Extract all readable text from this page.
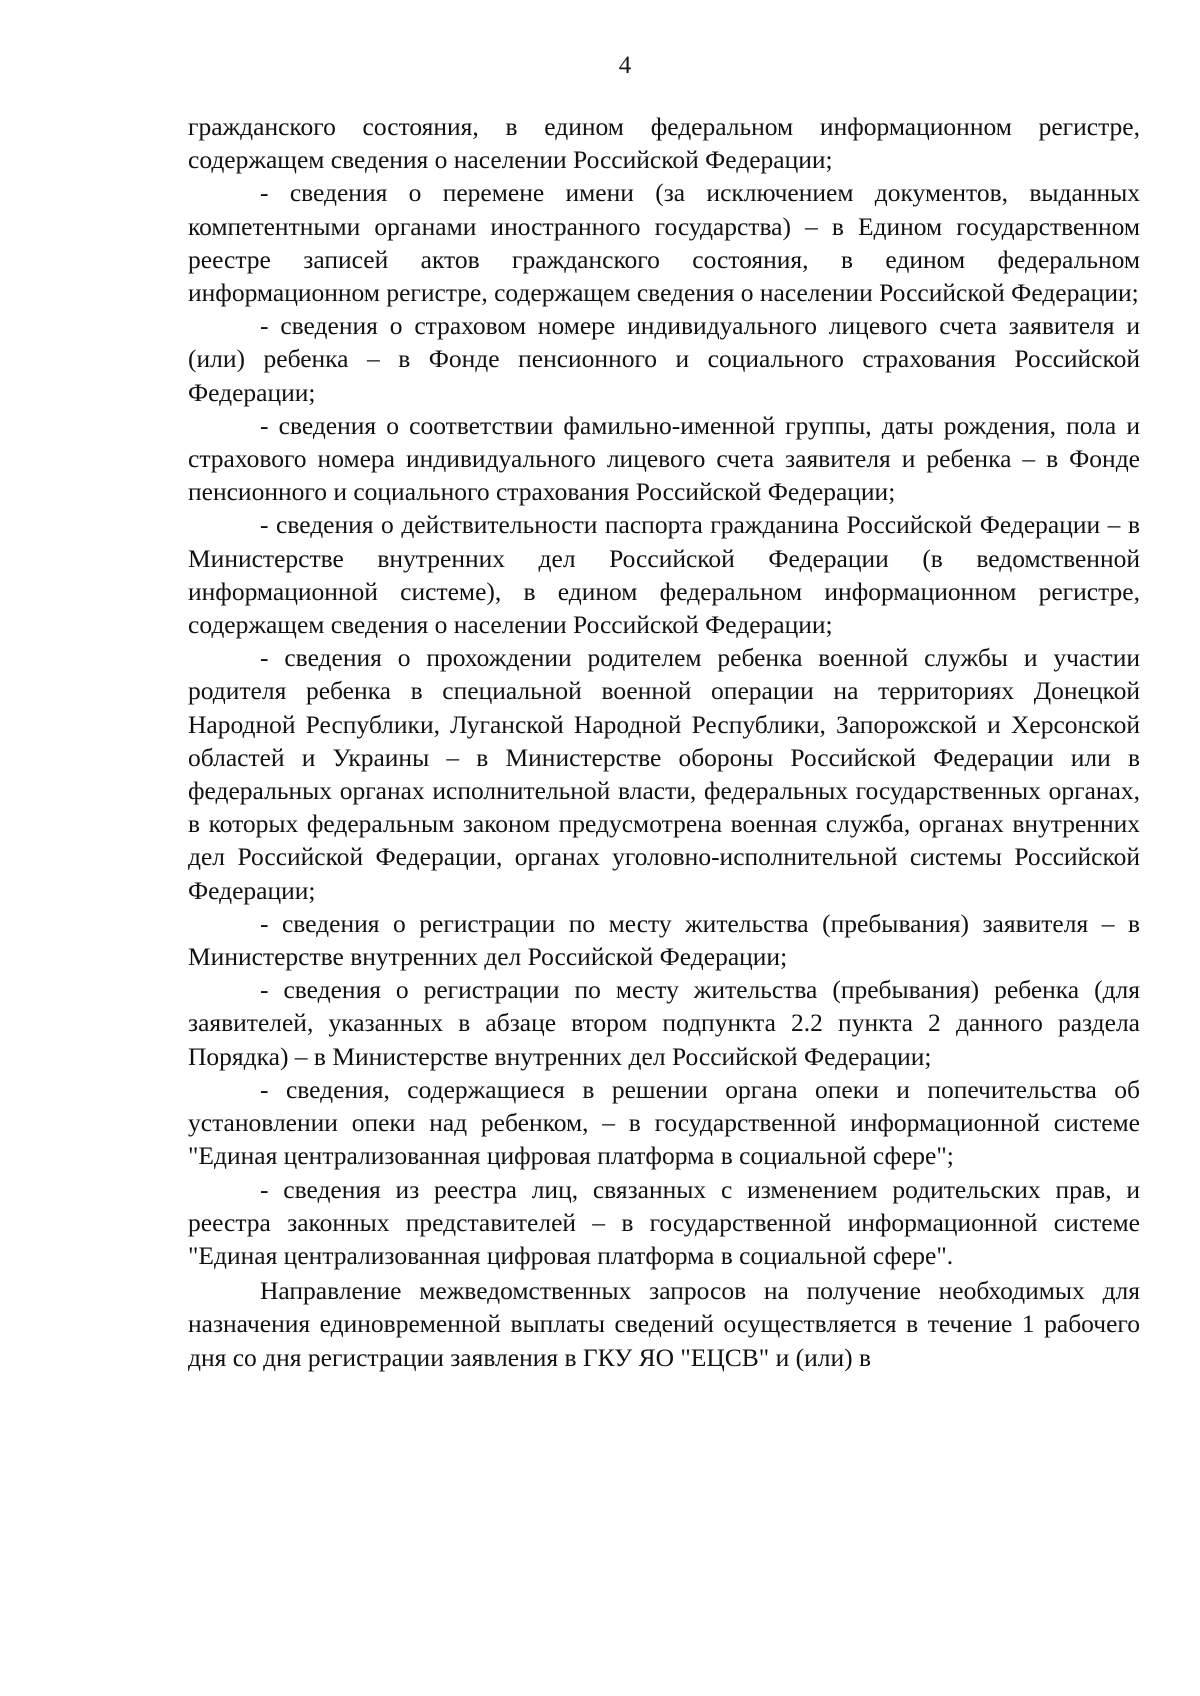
4

гражданского состояния, в едином федеральном информационном регистре, содержащем сведения о населении Российской Федерации;

- сведения о перемене имени (за исключением документов, выданных компетентными органами иностранного государства) – в Едином государственном реестре записей актов гражданского состояния, в едином федеральном информационном регистре, содержащем сведения о населении Российской Федерации;

- сведения о страховом номере индивидуального лицевого счета заявителя и (или) ребенка – в Фонде пенсионного и социального страхования Российской Федерации;

- сведения о соответствии фамильно-именной группы, даты рождения, пола и страхового номера индивидуального лицевого счета заявителя и ребенка – в Фонде пенсионного и социального страхования Российской Федерации;

- сведения о действительности паспорта гражданина Российской Федерации – в Министерстве внутренних дел Российской Федерации (в ведомственной информационной системе), в едином федеральном информационном регистре, содержащем сведения о населении Российской Федерации;

- сведения о прохождении родителем ребенка военной службы и участии родителя ребенка в специальной военной операции на территориях Донецкой Народной Республики, Луганской Народной Республики, Запорожской и Херсонской областей и Украины – в Министерстве обороны Российской Федерации или в федеральных органах исполнительной власти, федеральных государственных органах, в которых федеральным законом предусмотрена военная служба, органах внутренних дел Российской Федерации, органах уголовно-исполнительной системы Российской Федерации;

- сведения о регистрации по месту жительства (пребывания) заявителя – в Министерстве внутренних дел Российской Федерации;

- сведения о регистрации по месту жительства (пребывания) ребенка (для заявителей, указанных в абзаце втором подпункта 2.2 пункта 2 данного раздела Порядка) – в Министерстве внутренних дел Российской Федерации;

- сведения, содержащиеся в решении органа опеки и попечительства об установлении опеки над ребенком, – в государственной информационной системе "Единая централизованная цифровая платформа в социальной сфере";

- сведения из реестра лиц, связанных с изменением родительских прав, и реестра законных представителей – в государственной информационной системе "Единая централизованная цифровая платформа в социальной сфере".

Направление межведомственных запросов на получение необходимых для назначения единовременной выплаты сведений осуществляется в течение 1 рабочего дня со дня регистрации заявления в ГКУ ЯО "ЕЦСВ" и (или) в
